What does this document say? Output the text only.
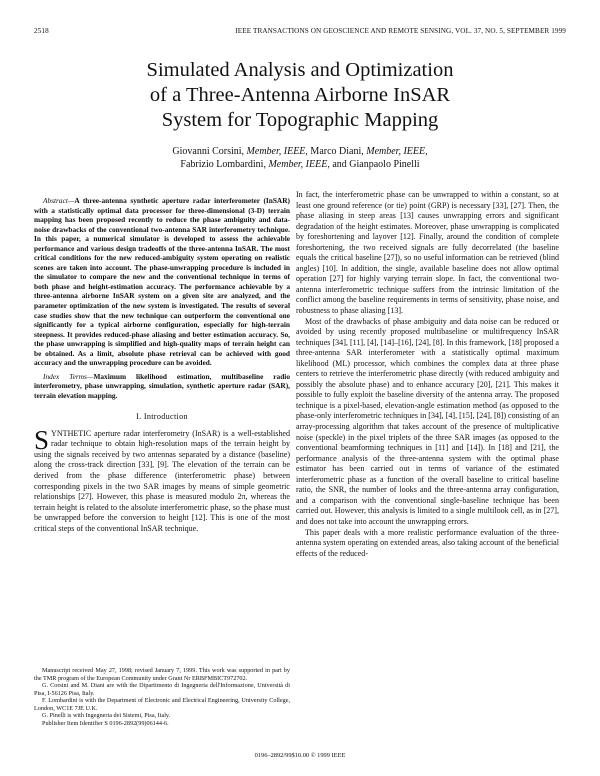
2518	IEEE TRANSACTIONS ON GEOSCIENCE AND REMOTE SENSING, VOL. 37, NO. 5, SEPTEMBER 1999
Simulated Analysis and Optimization
of a Three-Antenna Airborne InSAR
System for Topographic Mapping
Giovanni Corsini, Member, IEEE, Marco Diani, Member, IEEE,
Fabrizio Lombardini, Member, IEEE, and Gianpaolo Pinelli
Abstract—A three-antenna synthetic aperture radar interferometer (InSAR) with a statistically optimal data processor for three-dimensional (3-D) terrain mapping has been proposed recently to reduce the phase ambiguity and data-noise drawbacks of the conventional two-antenna SAR interferometry technique. In this paper, a numerical simulator is developed to assess the achievable performance and various design tradeoffs of the three-antenna InSAR. The most critical conditions for the new reduced-ambiguity system operating on realistic scenes are taken into account. The phase-unwrapping procedure is included in the simulator to compare the new and the conventional technique in terms of both phase and height-estimation accuracy. The performance achievable by a three-antenna airborne InSAR system on a given site are analyzed, and the parameter optimization of the new system is investigated. The results of several case studies show that the new technique can outperform the conventional one significantly for a typical airborne configuration, especially for high-terrain steepness. It provides reduced-phase aliasing and better estimation accuracy. So, the phase unwrapping is simplified and high-quality maps of terrain height can be obtained. As a limit, absolute phase retrieval can be achieved with good accuracy and the unwrapping procedure can be avoided.
Index Terms—Maximum likelihood estimation, multibaseline radio interferometry, phase unwrapping, simulation, synthetic aperture radar (SAR), terrain elevation mapping.
I. Introduction
SYNTHETIC aperture radar interferometry (InSAR) is a well-established radar technique to obtain high-resolution maps of the terrain height by using the signals received by two antennas separated by a distance (baseline) along the cross-track direction [33], [9]. The elevation of the terrain can be derived from the phase difference (interferometric phase) between corresponding pixels in the two SAR images by means of simple geometric relationships [27]. However, this phase is measured modulo 2π, whereas the terrain height is related to the absolute interferometric phase, so the phase must be unwrapped before the conversion to height [12]. This is one of the most critical steps of the conventional InSAR technique.
Manuscript received May 27, 1998; revised January 7, 1999. This work was supported in part by the TMR program of the European Community under Grant Nr ERBFMBICT972702.
G. Corsini and M. Diani are with the Dipartimento di Ingegneria dell'Informazione, Università di Pisa, I-56126 Pisa, Italy.
F. Lombardini is with the Department of Electronic and Electrical Engineering, University College, London, WC1E 7JE U.K.
G. Pinelli is with Ingegneria dei Sistemi, Pisa, Italy.
Publisher Item Identifier S 0196-2892(99)06144-6.

In fact, the interferometric phase can be unwrapped to within a constant, so at least one ground reference (or tie) point (GRP) is necessary [33], [27]. Then, the phase aliasing in steep areas [13] causes unwrapping errors and significant degradation of the height estimates. Moreover, phase unwrapping is complicated by foreshortening and layover [12]. Finally, around the condition of complete foreshortening, the two received signals are fully decorrelated (the baseline equals the critical baseline [27]), so no useful information can be retrieved (blind angles) [10]. In addition, the single, available baseline does not allow optimal operation [27] for highly varying terrain slope. In fact, the conventional two-antenna interferometric technique suffers from the intrinsic limitation of the conflict among the baseline requirements in terms of sensitivity, phase noise, and robustness to phase aliasing [13].

Most of the drawbacks of phase ambiguity and data noise can be reduced or avoided by using recently proposed multibaseline or multifrequency InSAR techniques [34], [11], [4], [14]–[16], [24], [8]. In this framework, [18] proposed a three-antenna SAR interferometer with a statistically optimal maximum likelihood (ML) processor, which combines the complex data at three phase centers to retrieve the interferometric phase directly (with reduced ambiguity and possibly the absolute phase) and to enhance accuracy [20], [21]. This makes it possible to fully exploit the baseline diversity of the antenna array. The proposed technique is a pixel-based, elevation-angle estimation method (as opposed to the phase-only interferometric techniques in [34], [4], [15], [24], [8]) consisting of an array-processing algorithm that takes account of the presence of multiplicative noise (speckle) in the pixel triplets of the three SAR images (as opposed to the conventional beamforming techniques in [11] and [14]). In [18] and [21], the performance analysis of the three-antenna system with the optimal phase estimator has been carried out in terms of variance of the estimated interferometric phase as a function of the overall baseline to critical baseline ratio, the SNR, the number of looks and the three-antenna array configuration, and a comparison with the conventional single-baseline technique has been carried out. However, this analysis is limited to a single multilook cell, as in [27], and does not take into account the unwrapping errors.

This paper deals with a more realistic performance evaluation of the three-antenna system operating on extended areas, also taking account of the beneficial effects of the reduced-

0196–2892/99$10.00 © 1999 IEEE
